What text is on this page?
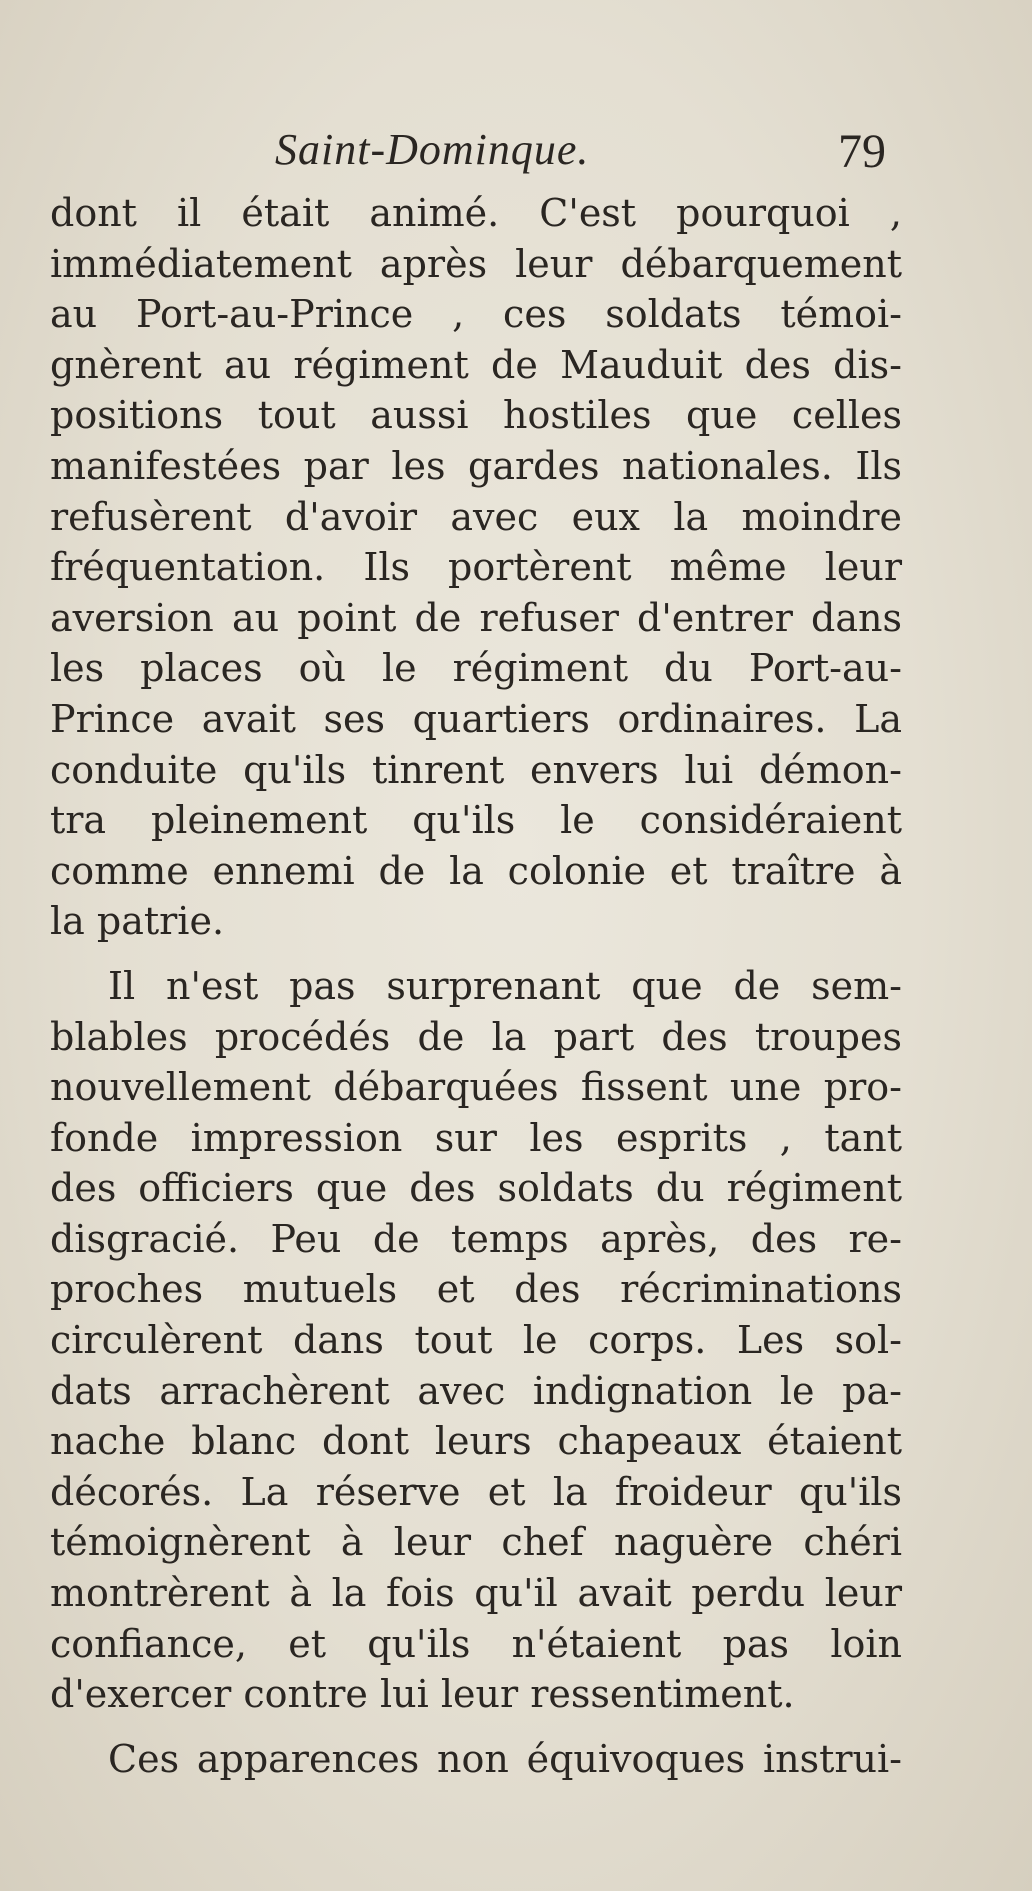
Saint-Dominque.	79
dont il était animé. C'est pourquoi ,
immédiatement après leur débarquement
au Port-au-Prince , ces soldats témoi-
gnèrent au régiment de Mauduit des dis-
positions tout aussi hostiles que celles
manifestées par les gardes nationales. Ils
refusèrent d'avoir avec eux la moindre
fréquentation. Ils portèrent même leur
aversion au point de refuser d'entrer dans
les places où le régiment du Port-au-
Prince avait ses quartiers ordinaires. La
conduite qu'ils tinrent envers lui démon-
tra pleinement qu'ils le considéraient
comme ennemi de la colonie et traître à
la patrie.
Il n'est pas surprenant que de sem-
blables procédés de la part des troupes
nouvellement débarquées fissent une pro-
fonde impression sur les esprits , tant
des officiers que des soldats du régiment
disgracié. Peu de temps après, des re-
proches mutuels et des récriminations
circulèrent dans tout le corps. Les sol-
dats arrachèrent avec indignation le pa-
nache blanc dont leurs chapeaux étaient
décorés. La réserve et la froideur qu'ils
témoignèrent à leur chef naguère chéri
montrèrent à la fois qu'il avait perdu leur
confiance, et qu'ils n'étaient pas loin
d'exercer contre lui leur ressentiment.
Ces apparences non équivoques instrui-
